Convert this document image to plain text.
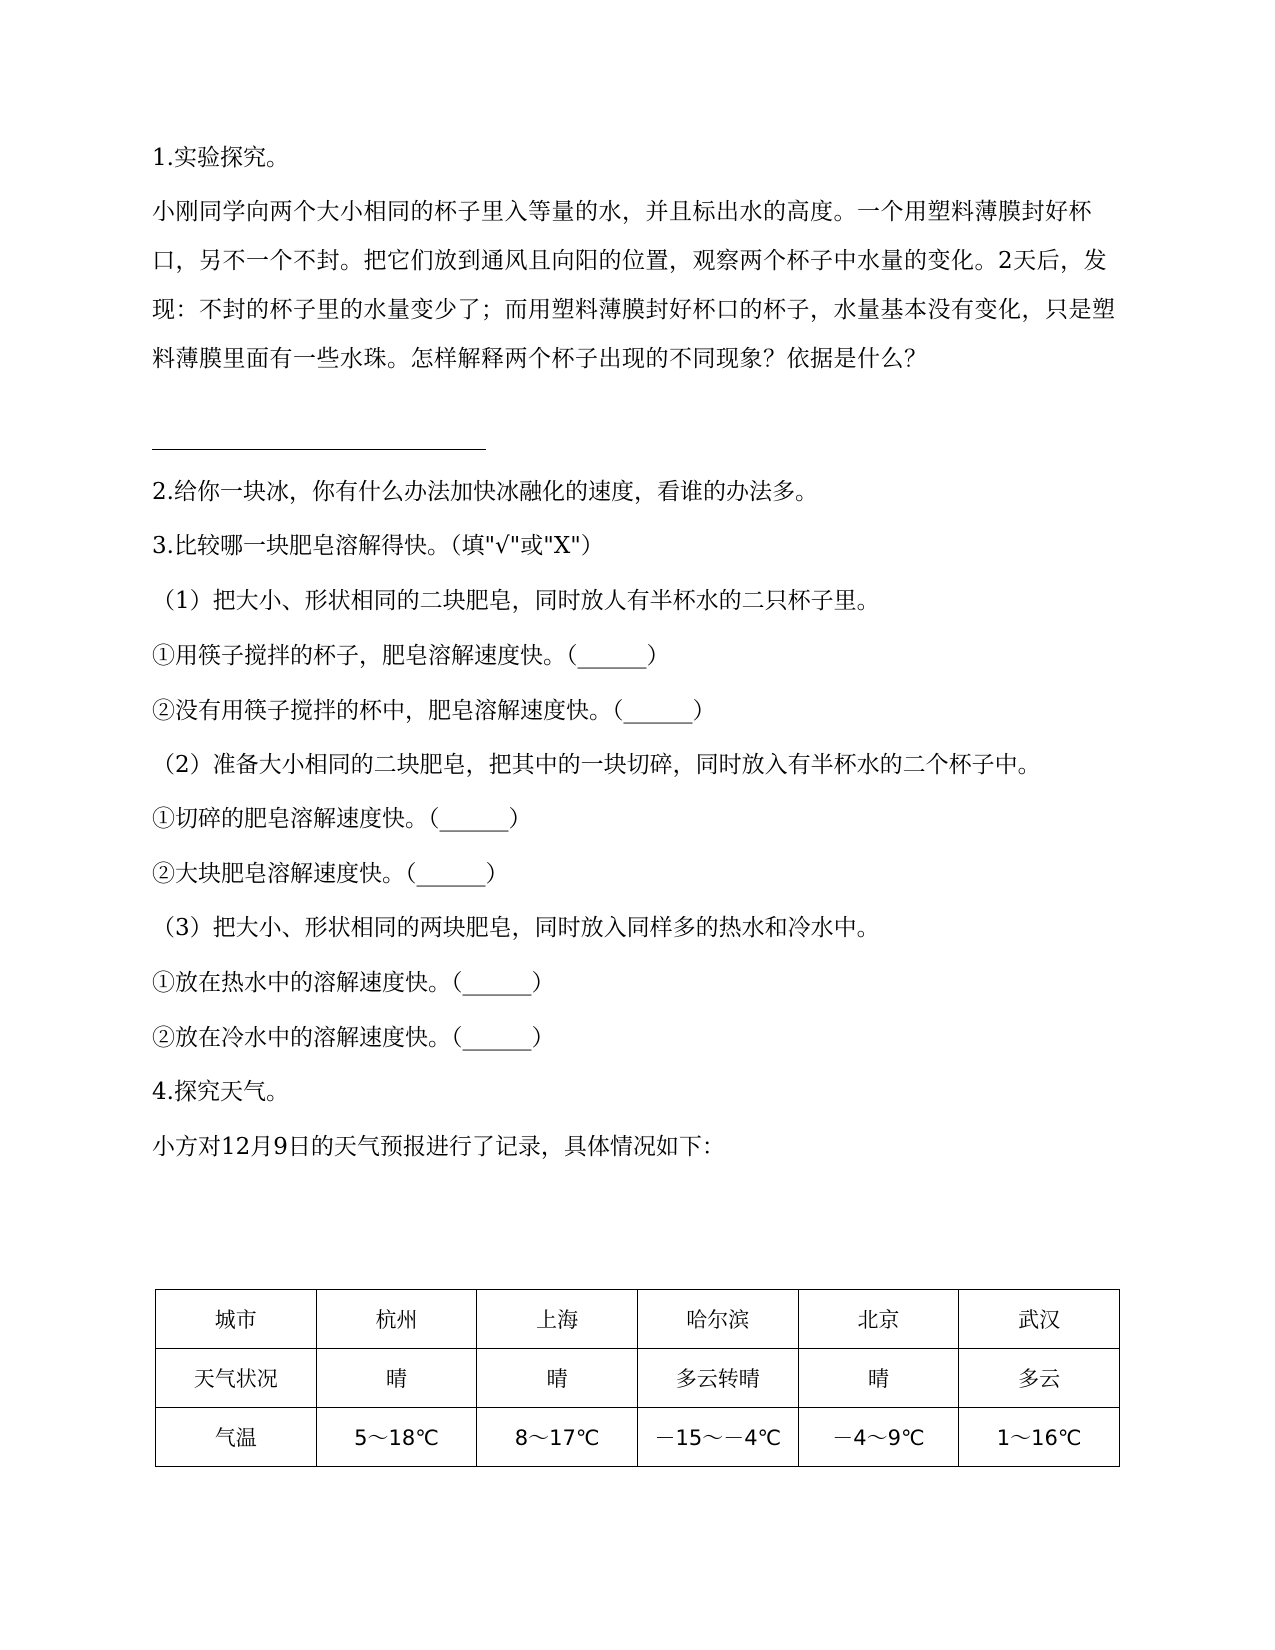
1.实验探究。
小刚同学向两个大小相同的杯子里入等量的水，并且标出水的高度。一个用塑料薄膜封好杯口，另不一个不封。把它们放到通风且向阳的位置，观察两个杯子中水量的变化。2天后，发现：不封的杯子里的水量变少了；而用塑料薄膜封好杯口的杯子，水量基本没有变化，只是塑料薄膜里面有一些水珠。怎样解释两个杯子出现的不同现象？依据是什么？
2.给你一块冰，你有什么办法加快冰融化的速度，看谁的办法多。
3.比较哪一块肥皂溶解得快。（填"√"或"X"）
（1）把大小、形状相同的二块肥皂，同时放人有半杯水的二只杯子里。
①用筷子搅拌的杯子，肥皂溶解速度快。（______）
②没有用筷子搅拌的杯中，肥皂溶解速度快。（______）
（2）准备大小相同的二块肥皂，把其中的一块切碎，同时放入有半杯水的二个杯子中。
①切碎的肥皂溶解速度快。（______）
②大块肥皂溶解速度快。（______）
（3）把大小、形状相同的两块肥皂，同时放入同样多的热水和冷水中。
①放在热水中的溶解速度快。（______）
②放在冷水中的溶解速度快。（______）
4.探究天气。
小方对12月9日的天气预报进行了记录，具体情况如下：
城市	杭州	上海	哈尔滨	北京	武汉
天气状况	晴	晴	多云转晴	晴	多云
气温	5～18℃	8～17℃	－15～－4℃	－4～9℃	1～16℃
